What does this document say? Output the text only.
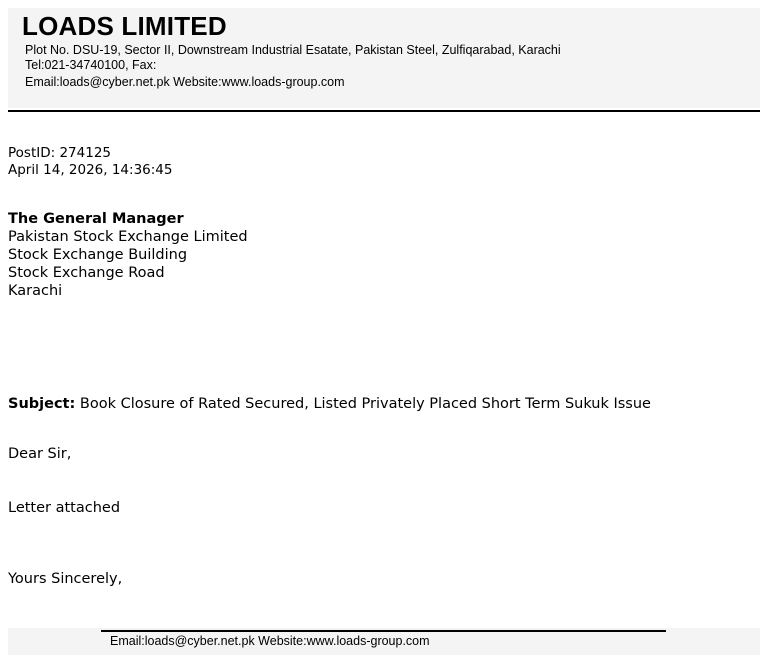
LOADS LIMITED
Plot No. DSU-19, Sector II, Downstream Industrial Esatate, Pakistan Steel, Zulfiqarabad, Karachi
Tel:021-34740100, Fax:
Email:loads@cyber.net.pk Website:www.loads-group.com
PostID: 274125
April 14, 2026, 14:36:45
The General Manager
Pakistan Stock Exchange Limited
Stock Exchange Building
Stock Exchange Road
Karachi
Subject: Book Closure of Rated Secured, Listed Privately Placed Short Term Sukuk Issue
Dear Sir,
Letter attached
Yours Sincerely,
Email:loads@cyber.net.pk Website:www.loads-group.com
